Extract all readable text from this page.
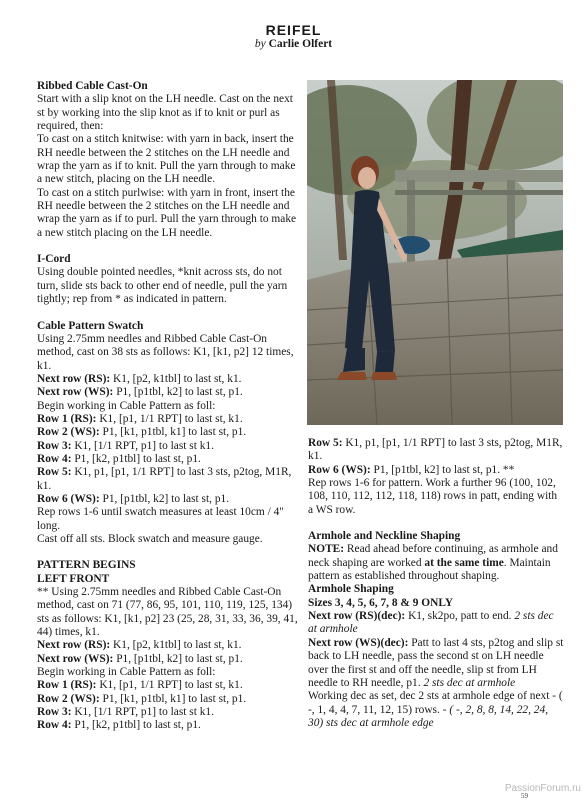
REIFEL
by Carlie Olfert

Ribbed Cable Cast-On

Start with a slip knot on the LH needle. Cast on the next st by working into the slip knot as if to knit or purl as required, then:

To cast on a stitch knitwise: with yarn in back, insert the RH needle between the 2 stitches on the LH needle and wrap the yarn as if to knit. Pull the yarn through to make a new stitch, placing on the LH needle.

To cast on a stitch purlwise: with yarn in front, insert the RH needle between the 2 stitches on the LH needle and wrap the yarn as if to purl. Pull the yarn through to make a new stitch placing on the LH needle.

I-Cord

Using double pointed needles, *knit across sts, do not turn, slide sts back to other end of needle, pull the yarn tightly; rep from * as indicated in pattern.

Cable Pattern Swatch

Using 2.75mm needles and Ribbed Cable Cast-On method, cast on 38 sts as follows: K1, [k1, p2] 12 times, k1.

Next row (RS): K1, [p2, k1tbl] to last st, k1.

Next row (WS): P1, [p1tbl, k2] to last st, p1.

Begin working in Cable Pattern as foll:

Row 1 (RS): K1, [p1, 1/1 RPT] to last st, k1.

Row 2 (WS): P1, [k1, p1tbl, k1] to last st, p1.

Row 3: K1, [1/1 RPT, p1] to last st k1.

Row 4: P1, [k2, p1tbl] to last st, p1.

Row 5: K1, p1, [p1, 1/1 RPT] to last 3 sts, p2tog, M1R, k1.

Row 6 (WS): P1, [p1tbl, k2] to last st, p1.

Rep rows 1-6 until swatch measures at least 10cm / 4" long.

Cast off all sts. Block swatch and measure gauge.

PATTERN BEGINS

LEFT FRONT

** Using 2.75mm needles and Ribbed Cable Cast-On method, cast on 71 (77, 86, 95, 101, 110, 119, 125, 134) sts as follows: K1, [k1, p2] 23 (25, 28, 31, 33, 36, 39, 41, 44) times, k1.

Next row (RS): K1, [p2, k1tbl] to last st, k1.

Next row (WS): P1, [p1tbl, k2] to last st, p1.

Begin working in Cable Pattern as foll:

Row 1 (RS): K1, [p1, 1/1 RPT] to last st, k1.

Row 2 (WS): P1, [k1, p1tbl, k1] to last st, p1.

Row 3: K1, [1/1 RPT, p1] to last st k1.

Row 4: P1, [k2, p1tbl] to last st, p1.

Row 5: K1, p1, [p1, 1/1 RPT] to last 3 sts, p2tog, M1R, k1.

Row 6 (WS): P1, [p1tbl, k2] to last st, p1. **

Rep rows 1-6 for pattern. Work a further 96 (100, 102, 108, 110, 112, 112, 118, 118) rows in patt, ending with a WS row.

Armhole and Neckline Shaping

NOTE: Read ahead before continuing, as armhole and neck shaping are worked at the same time. Maintain pattern as established throughout shaping.

Armhole Shaping

Sizes 3, 4, 5, 6, 7, 8 & 9 ONLY

Next row (RS)(dec): K1, sk2po, patt to end. 2 sts dec at armhole

Next row (WS)(dec): Patt to last 4 sts, p2tog and slip st back to LH needle, pass the second st on LH needle over the first st and off the needle, slip st from LH needle to RH needle, p1. 2 sts dec at armhole

Working dec as set, dec 2 sts at armhole edge of next - ( -, 1, 4, 4, 7, 11, 12, 15) rows. - ( -, 2, 8, 8, 14, 22, 24, 30) sts dec at armhole edge

PassionForum.ru
59
